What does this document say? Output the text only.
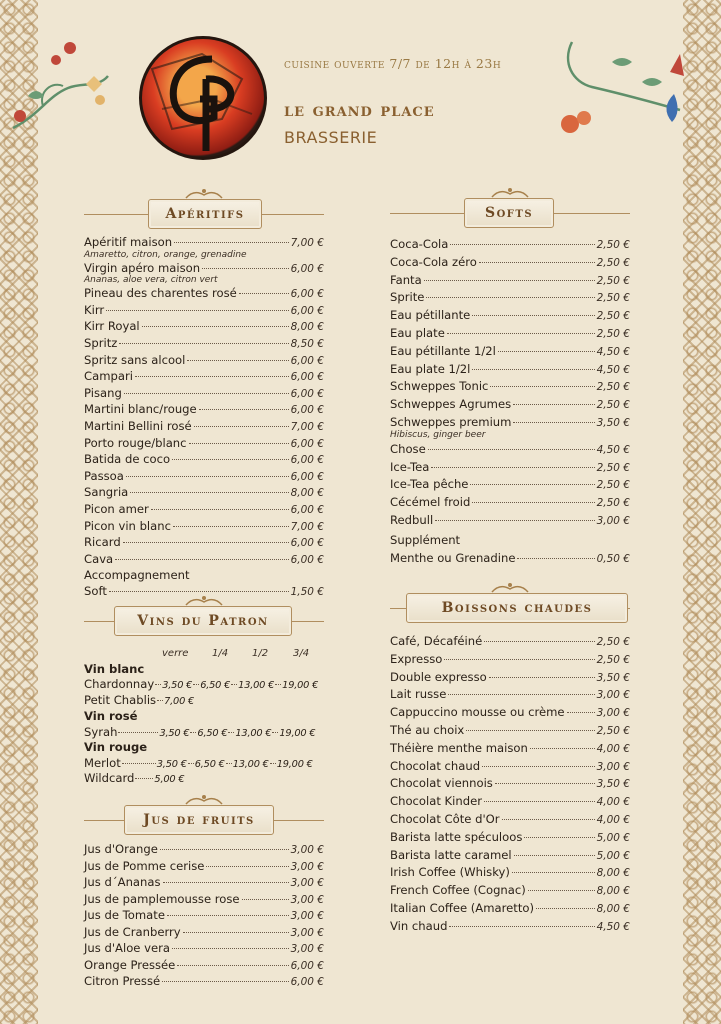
cuisine ouverte 7/7 de 12h à 23h
le grand place
BRASSERIE
Apéritifs
Apéritif maison	7,00 €
Amaretto, citron, orange, grenadine
Virgin apéro maison	6,00 €
Ananas, aloe vera, citron vert
Pineau des charentes rosé	6,00 €
Kirr	6,00 €
Kirr Royal	8,00 €
Spritz	8,50 €
Spritz sans alcool	6,00 €
Campari	6,00 €
Pisang	6,00 €
Martini blanc/rouge	6,00 €
Martini Bellini rosé	7,00 €
Porto rouge/blanc	6,00 €
Batida de coco	6,00 €
Passoa	6,00 €
Sangria	8,00 €
Picon amer	6,00 €
Picon vin blanc	7,00 €
Ricard	6,00 €
Cava	6,00 €
Accompagnement
Soft	1,50 €
Vins du Patron
verre 1/4 1/2 3/4
Vin blanc
Chardonnay 3,50 € 6,50 € 13,00 € 19,00 €
Petit Chablis 7,00 €
Vin rosé
Syrah	3,50 € 6,50 € 13,00 € 19,00 €
Vin rouge
Merlot	3,50 € 6,50 € 13,00 € 19,00 €
Wildcard 5,00 €
Jus de fruits
Jus d'Orange	3,00 €
Jus de Pomme cerise	3,00 €
Jus d´Ananas	3,00 €
Jus de pamplemousse rose	3,00 €
Jus de Tomate	3,00 €
Jus de Cranberry	3,00 €
Jus d'Aloe vera	3,00 €
Orange Pressée	6,00 €
Citron Pressé	6,00 €
Softs
Coca-Cola	2,50 €
Coca-Cola zéro	2,50 €
Fanta	2,50 €
Sprite	2,50 €
Eau pétillante	2,50 €
Eau plate	2,50 €
Eau pétillante 1/2l	4,50 €
Eau plate 1/2l	4,50 €
Schweppes Tonic	2,50 €
Schweppes Agrumes	2,50 €
Schweppes premium	3,50 €
Hibiscus, ginger beer
Chose	4,50 €
Ice-Tea	2,50 €
Ice-Tea pêche	2,50 €
Cécémel froid	2,50 €
Redbull	3,00 €
Supplément
Menthe ou Grenadine	0,50 €
Boissons chaudes
Café, Décaféiné	2,50 €
Expresso	2,50 €
Double expresso	3,50 €
Lait russe	3,00 €
Cappuccino mousse ou crème	3,00 €
Thé au choix	2,50 €
Théière menthe maison	4,00 €
Chocolat chaud	3,00 €
Chocolat viennois	3,50 €
Chocolat Kinder	4,00 €
Chocolat Côte d'Or	4,00 €
Barista latte spéculoos	5,00 €
Barista latte caramel	5,00 €
Irish Coffee (Whisky)	8,00 €
French Coffee (Cognac)	8,00 €
Italian Coffee (Amaretto)	8,00 €
Vin chaud	4,50 €
